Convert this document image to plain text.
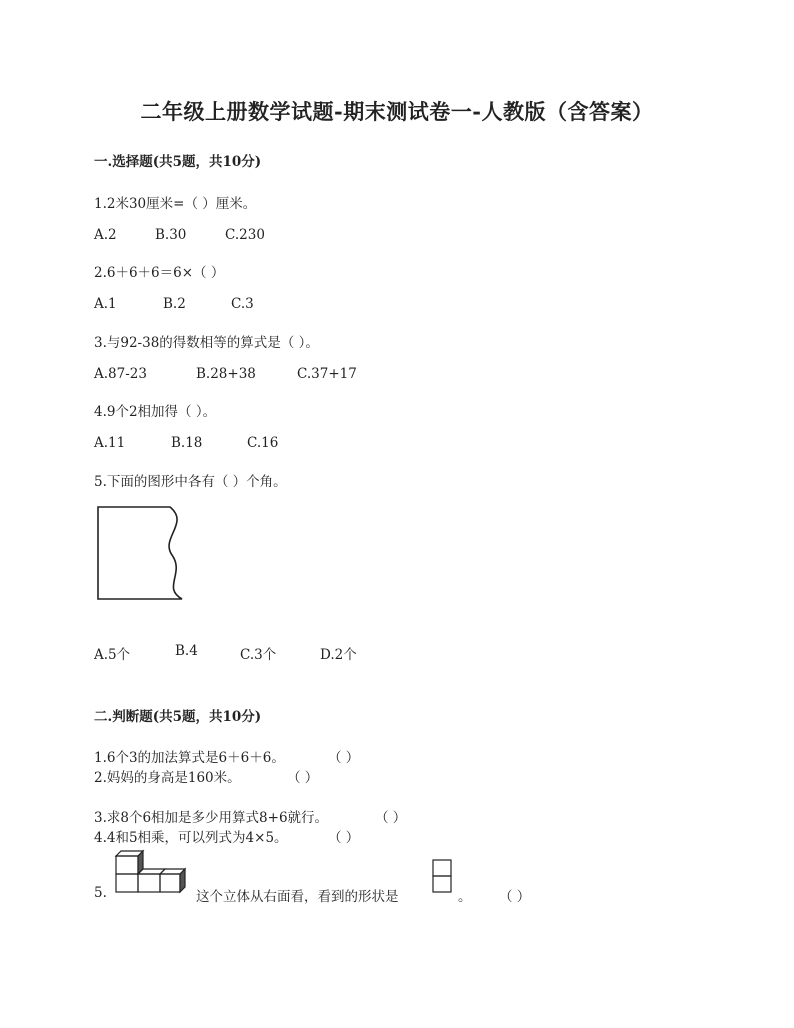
二年级上册数学试题-期末测试卷一-人教版（含答案）
一.选择题(共5题，共10分)
1.2米30厘米=（ ）厘米。
A.2	B.30	C.230
2.6＋6＋6＝6×（ ）
A.1	B.2	C.3
3.与92-38的得数相等的算式是（ ）。
A.87-23	B.28+38	C.37+17
4.9个2相加得（ ）。
A.11	B.18	C.16
5.下面的图形中各有（ ）个角。
A.5个	B.4	C.3个	D.2个
二.判断题(共5题，共10分)
1.6个3的加法算式是6＋6＋6。	（ ）
2.妈妈的身高是160米。	（ ）
3.求8个6相加是多少用算式8+6就行。	（ ）
4.4和5相乘，可以列式为4×5。	（ ）
5.	这个立体从右面看，看到的形状是	。 （ ）
